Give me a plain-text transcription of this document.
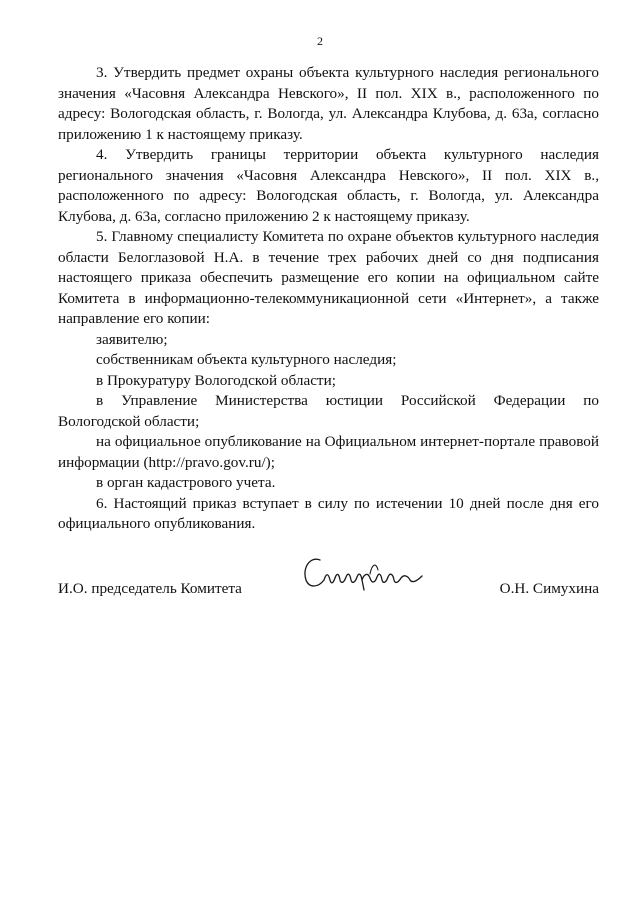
2

3. Утвердить предмет охраны объекта культурного наследия регионального значения «Часовня Александра Невского», II пол. XIX в., расположенного по адресу: Вологодская область, г. Вологда, ул. Александра Клубова, д. 63а, согласно приложению 1 к настоящему приказу.

4. Утвердить границы территории объекта культурного наследия регионального значения «Часовня Александра Невского», II пол. XIX в., расположенного по адресу: Вологодская область, г. Вологда, ул. Александра Клубова, д. 63а, согласно приложению 2 к настоящему приказу.

5. Главному специалисту Комитета по охране объектов культурного наследия области Белоглазовой Н.А. в течение трех рабочих дней со дня подписания настоящего приказа обеспечить размещение его копии на официальном сайте Комитета в информационно-телекоммуникационной сети «Интернет», а также направление его копии:

заявителю;

собственникам объекта культурного наследия;

в Прокуратуру Вологодской области;

в Управление Министерства юстиции Российской Федерации по Вологодской области;

на официальное опубликование на Официальном интернет-портале правовой информации (http://pravo.gov.ru/);

в орган кадастрового учета.

6. Настоящий приказ вступает в силу по истечении 10 дней после дня его официального опубликования.

И.О. председатель Комитета	О.Н. Симухина
